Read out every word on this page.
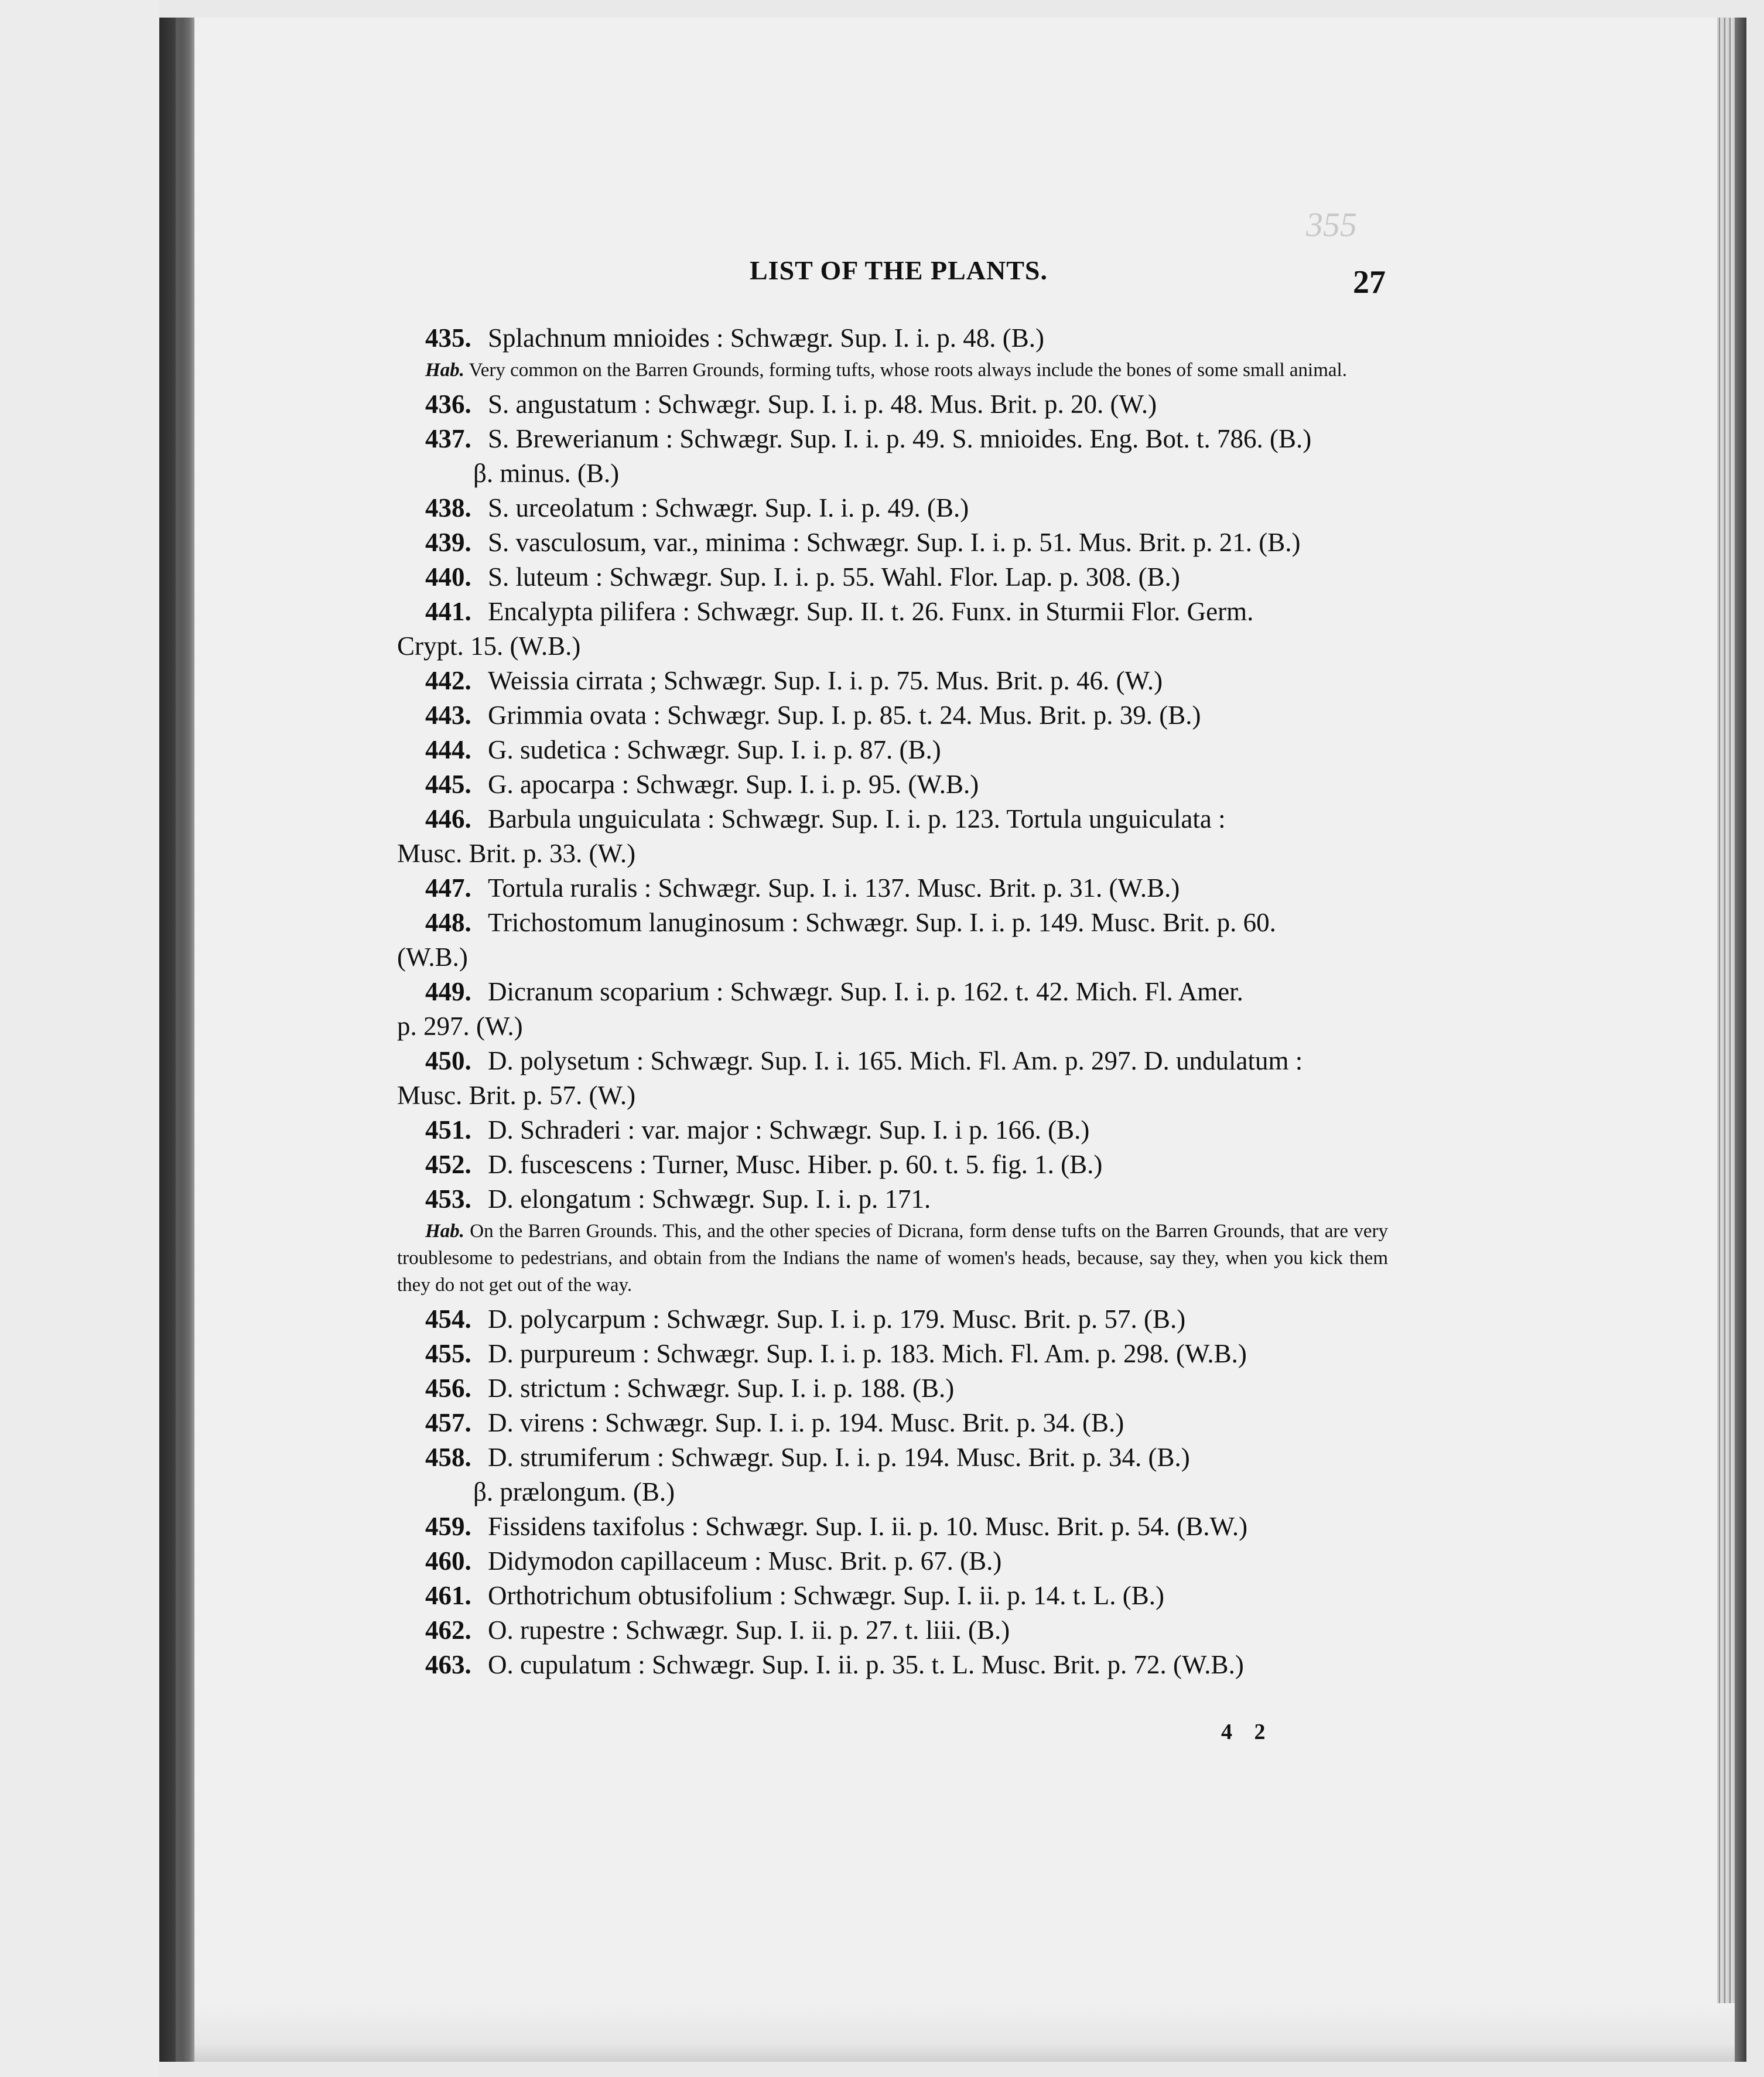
355
LIST OF THE PLANTS.	27
435. Splachnum mnioides : Schwægr. Sup. I. i. p. 48. (B.)
Hab. Very common on the Barren Grounds, forming tufts, whose roots always include the bones of some small animal.
436. S. angustatum : Schwægr. Sup. I. i. p. 48. Mus. Brit. p. 20. (W.)
437. S. Brewerianum : Schwægr. Sup. I. i. p. 49. S. mnioides. Eng. Bot. t. 786. (B.)
β. minus. (B.)
438. S. urceolatum : Schwægr. Sup. I. i. p. 49. (B.)
439. S. vasculosum, var., minima : Schwægr. Sup. I. i. p. 51. Mus. Brit. p. 21. (B.)
440. S. luteum : Schwægr. Sup. I. i. p. 55. Wahl. Flor. Lap. p. 308. (B.)
441. Encalypta pilifera : Schwægr. Sup. II. t. 26. Funx. in Sturmii Flor. Germ.
Crypt. 15. (W.B.)
442. Weissia cirrata ; Schwægr. Sup. I. i. p. 75. Mus. Brit. p. 46. (W.)
443. Grimmia ovata : Schwægr. Sup. I. p. 85. t. 24. Mus. Brit. p. 39. (B.)
444. G. sudetica : Schwægr. Sup. I. i. p. 87. (B.)
445. G. apocarpa : Schwægr. Sup. I. i. p. 95. (W.B.)
446. Barbula unguiculata : Schwægr. Sup. I. i. p. 123. Tortula unguiculata :
Musc. Brit. p. 33. (W.)
447. Tortula ruralis : Schwægr. Sup. I. i. 137. Musc. Brit. p. 31. (W.B.)
448. Trichostomum lanuginosum : Schwægr. Sup. I. i. p. 149. Musc. Brit. p. 60.
(W.B.)
449. Dicranum scoparium : Schwægr. Sup. I. i. p. 162. t. 42. Mich. Fl. Amer.
p. 297. (W.)
450. D. polysetum : Schwægr. Sup. I. i. 165. Mich. Fl. Am. p. 297. D. undulatum :
Musc. Brit. p. 57. (W.)
451. D. Schraderi : var. major : Schwægr. Sup. I. i p. 166. (B.)
452. D. fuscescens : Turner, Musc. Hiber. p. 60. t. 5. fig. 1. (B.)
453. D. elongatum : Schwægr. Sup. I. i. p. 171.
Hab. On the Barren Grounds. This, and the other species of Dicrana, form dense tufts on the Barren Grounds, that are very troublesome to pedestrians, and obtain from the Indians the name of women's heads, because, say they, when you kick them they do not get out of the way.
454. D. polycarpum : Schwægr. Sup. I. i. p. 179. Musc. Brit. p. 57. (B.)
455. D. purpureum : Schwægr. Sup. I. i. p. 183. Mich. Fl. Am. p. 298. (W.B.)
456. D. strictum : Schwægr. Sup. I. i. p. 188. (B.)
457. D. virens : Schwægr. Sup. I. i. p. 194. Musc. Brit. p. 34. (B.)
458. D. strumiferum : Schwægr. Sup. I. i. p. 194. Musc. Brit. p. 34. (B.)
β. prælongum. (B.)
459. Fissidens taxifolus : Schwægr. Sup. I. ii. p. 10. Musc. Brit. p. 54. (B.W.)
460. Didymodon capillaceum : Musc. Brit. p. 67. (B.)
461. Orthotrichum obtusifolium : Schwægr. Sup. I. ii. p. 14. t. L. (B.)
462. O. rupestre : Schwægr. Sup. I. ii. p. 27. t. liii. (B.)
463. O. cupulatum : Schwægr. Sup. I. ii. p. 35. t. L. Musc. Brit. p. 72. (W.B.)
4 2
